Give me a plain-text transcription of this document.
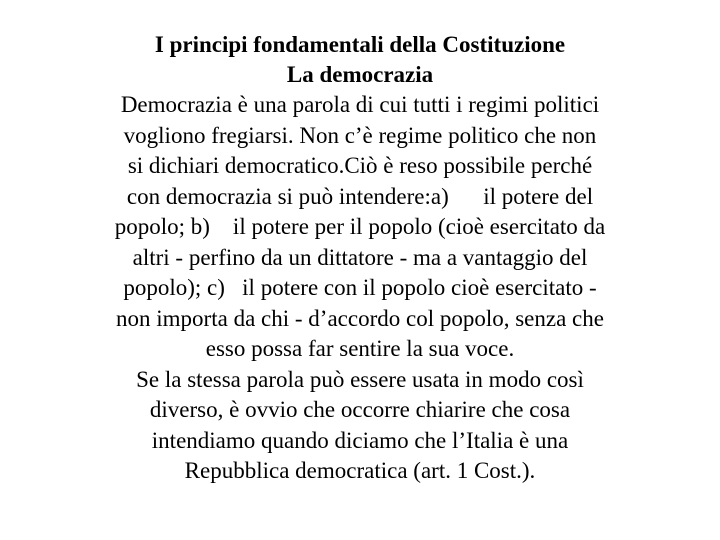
I principi fondamentali della Costituzione
La democrazia
Democrazia è una parola di cui tutti i regimi politici
vogliono fregiarsi. Non c’è regime politico che non
si dichiari democratico.Ciò è reso possibile perché
con democrazia si può intendere:a)      il potere del
popolo; b)    il potere per il popolo (cioè esercitato da
altri - perfino da un dittatore - ma a vantaggio del
popolo); c)   il potere con il popolo cioè esercitato -
non importa da chi - d’accordo col popolo, senza che
esso possa far sentire la sua voce.
Se la stessa parola può essere usata in modo così
diverso, è ovvio che occorre chiarire che cosa
intendiamo quando diciamo che l’Italia è una
Repubblica democratica (art. 1 Cost.).
